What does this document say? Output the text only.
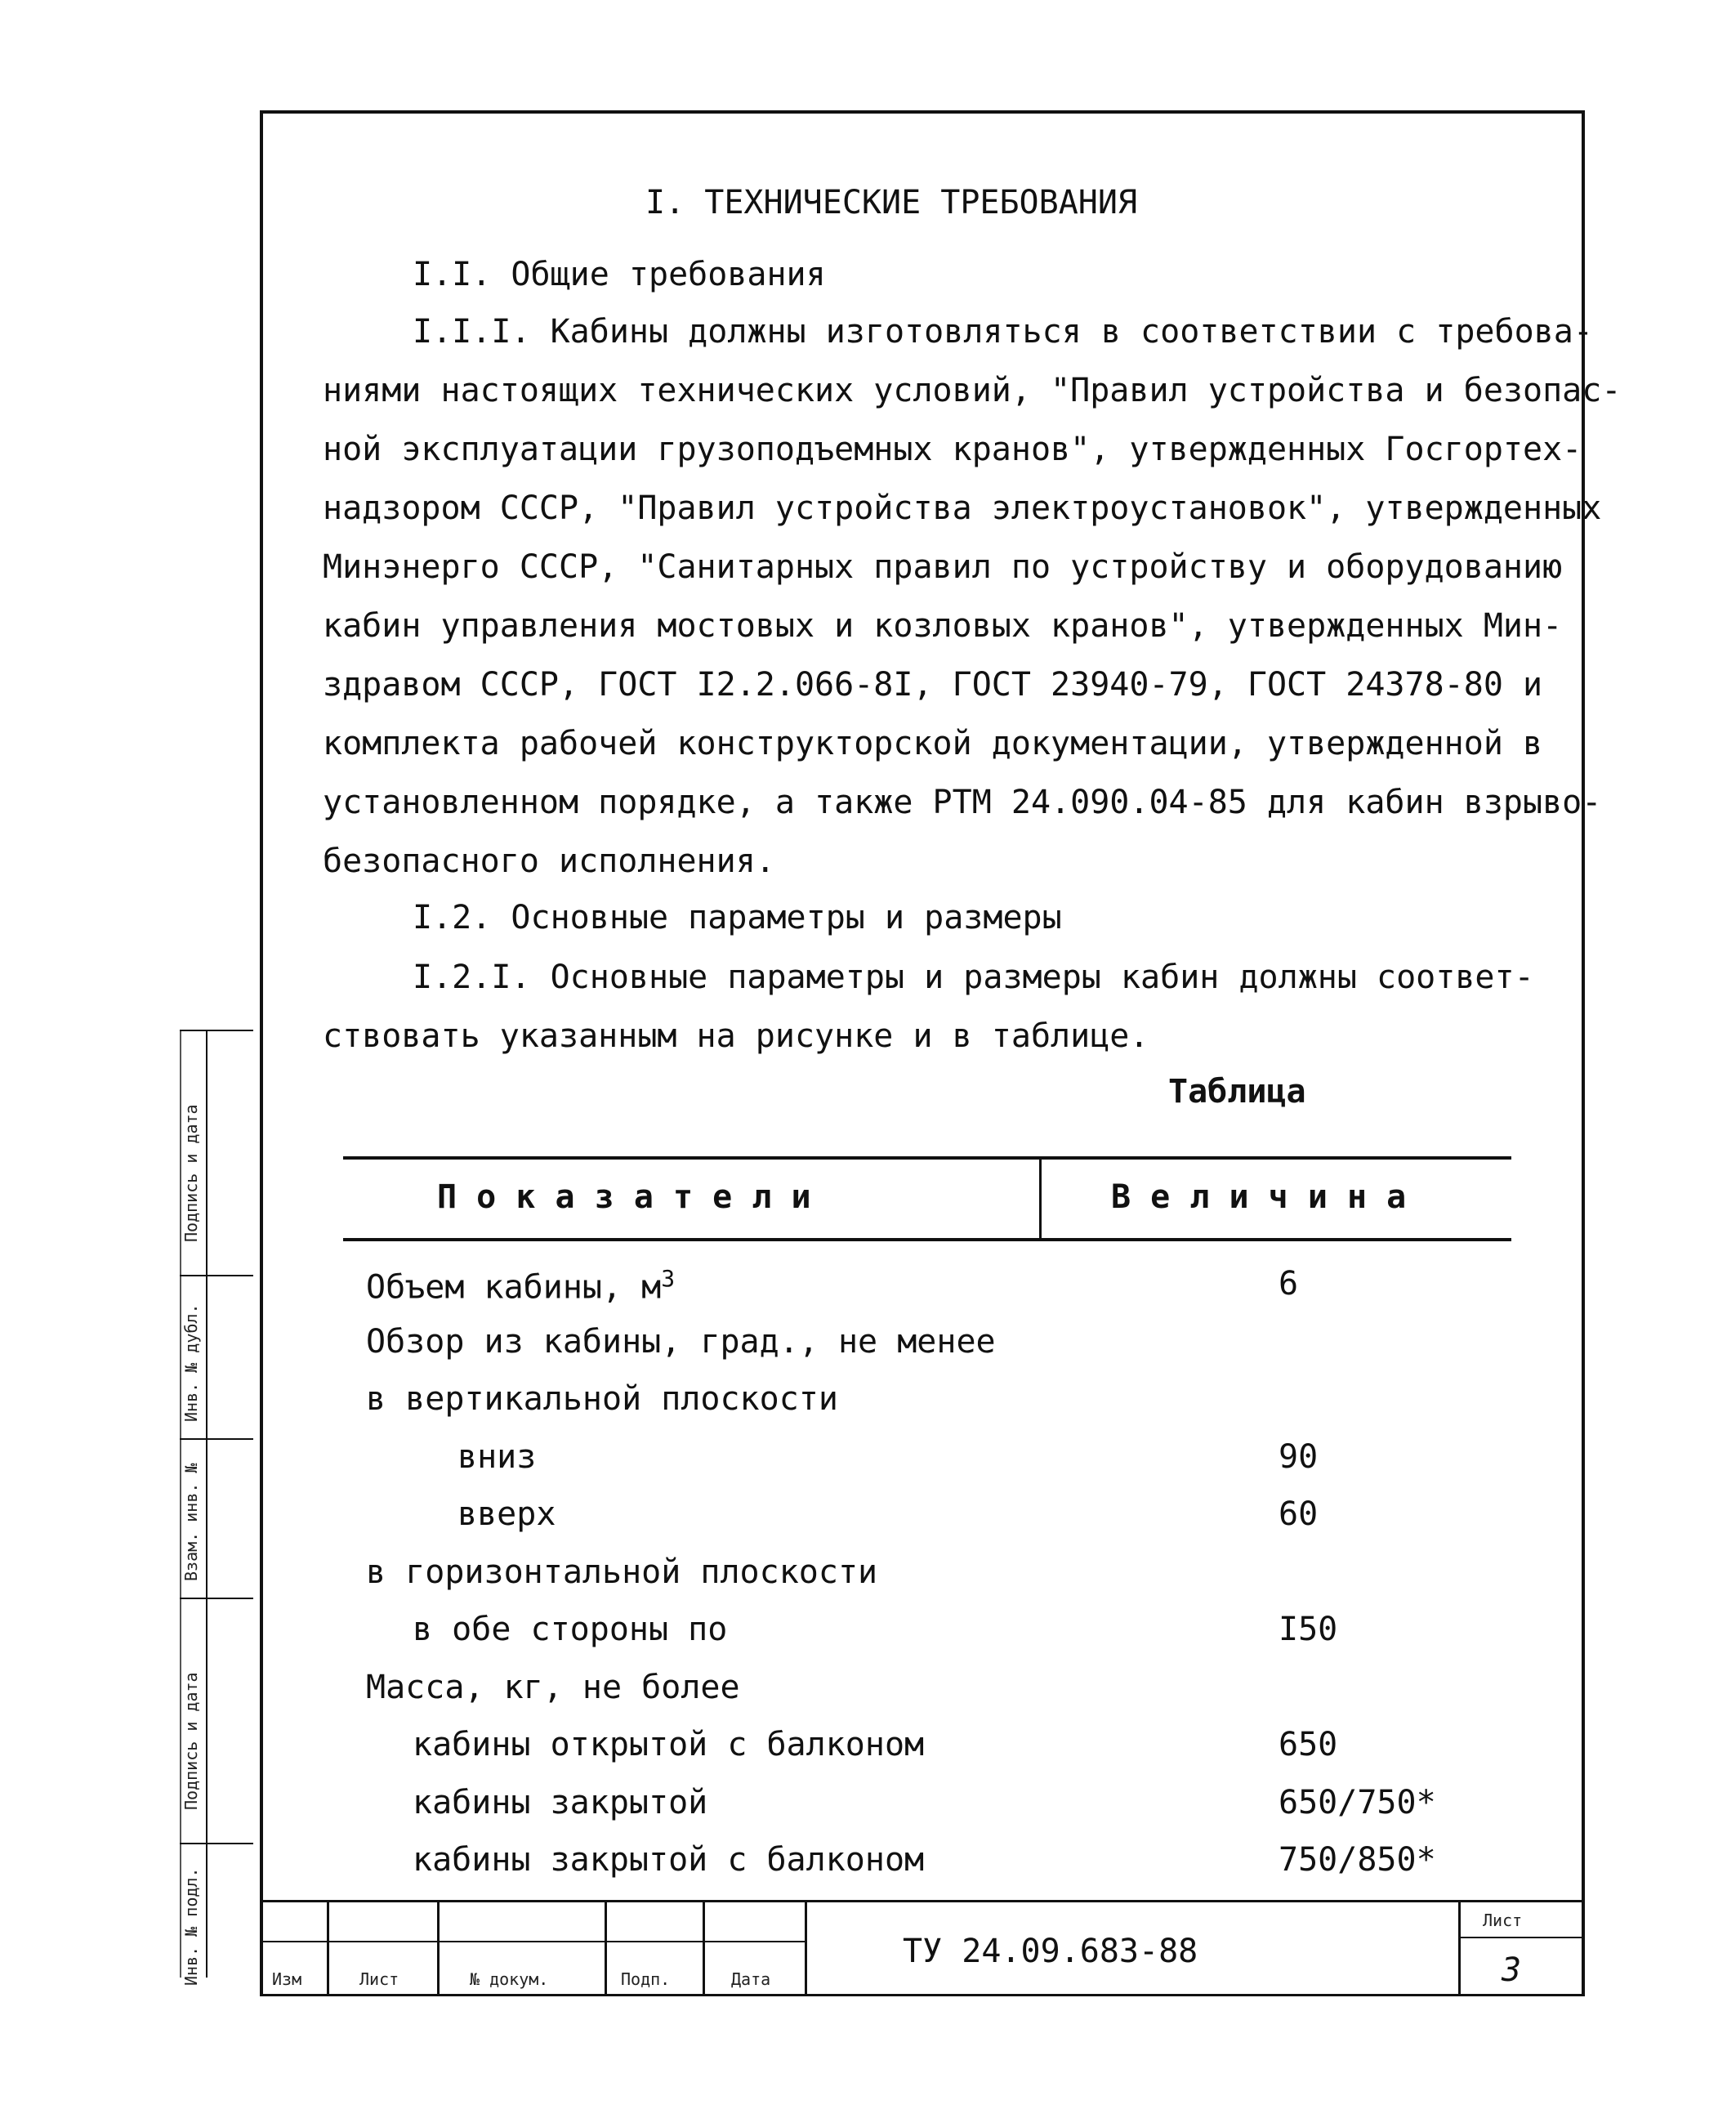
I. ТЕХНИЧЕСКИЕ ТРЕБОВАНИЯ
I.I. Общие требования
I.I.I. Кабины должны изготовляться в соответствии с требова-
ниями настоящих технических условий, "Правил устройства и безопас-
ной эксплуатации грузоподъемных кранов", утвержденных Госгортех-
надзором СССР, "Правил устройства электроустановок", утвержденных
Минэнерго СССР, "Санитарных правил по устройству и оборудованию
кабин управления мостовых и козловых кранов", утвержденных Мин-
здравом СССР, ГОСТ I2.2.066-8I, ГОСТ 23940-79, ГОСТ 24378-80 и
комплекта рабочей конструкторской документации, утвержденной в
установленном порядке, а также РТМ 24.090.04-85 для кабин взрыво-
безопасного исполнения.
I.2. Основные параметры и размеры
I.2.I. Основные параметры и размеры кабин должны соответ-
ствовать указанным на рисунке и в таблице.
Таблица
П о к а з а т е л и	В е л и ч и н а
Объем кабины, $м^3$	6
Обзор из кабины, град., не менее
в вертикальной плоскости
вниз	90
вверх	60
в горизонтальной плоскости
в обе стороны по	I50
Масса, кг, не более
кабины открытой с балконом	650
кабины закрытой	650/750*
кабины закрытой с балконом	750/850*
Изм	Лист	№ докум.	Подп.	Дата
ТУ 24.09.683-88
Лист
3
Подпись и дата
Инв. № дубл.
Взам. инв. №
Подпись и дата
Инв. № подл.
